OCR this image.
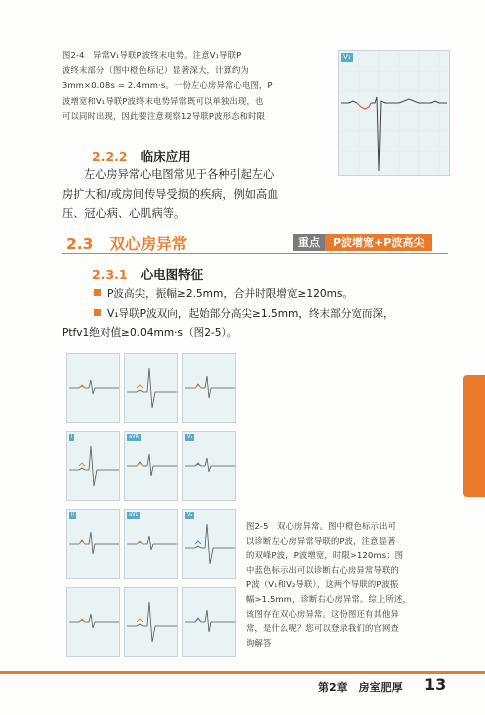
图2-4　异常V₁导联P波终末电势。注意V₁导联P
波终末部分（图中橙色标记）显著深大，计算约为
3mm×0.08s = 2.4mm·s。一份左心房异常心电图，P
波增宽和V₁导联P波终末电势异常既可以单独出现，也
可以同时出现，因此要注意观察12导联P波形态和时限
V₁
2.2.2 临床应用
左心房异常心电图常见于各种引起左心
房扩大和/或房间传导受损的疾病，例如高血
压、冠心病、心肌病等。
2.3 双心房异常	重点	P波增宽+P波高尖
2.3.1 心电图特征
P波高尖，振幅≥2.5mm，合并时限增宽≥120ms。
V₁导联P波双向，起始部分高尖≥1.5mm，终末部分宽而深，
Ptfv1绝对值≥0.04mm·s（图2-5）。
I	aVR	V₁
II	aVL	V₂
图2-5　双心房异常。图中橙色标示出可
以诊断左心房异常导联的P波，注意显著
的双峰P波，P波增宽，时限>120ms；图
中蓝色标示出可以诊断右心房异常导联的
P波（V₁和V₂导联），这两个导联的P波振
幅>1.5mm，诊断右心房异常。综上所述，
该图存在双心房异常。这份图还有其他异
常，是什么呢？您可以登录我们的官网查
询解答
第2章　房室肥厚 13
